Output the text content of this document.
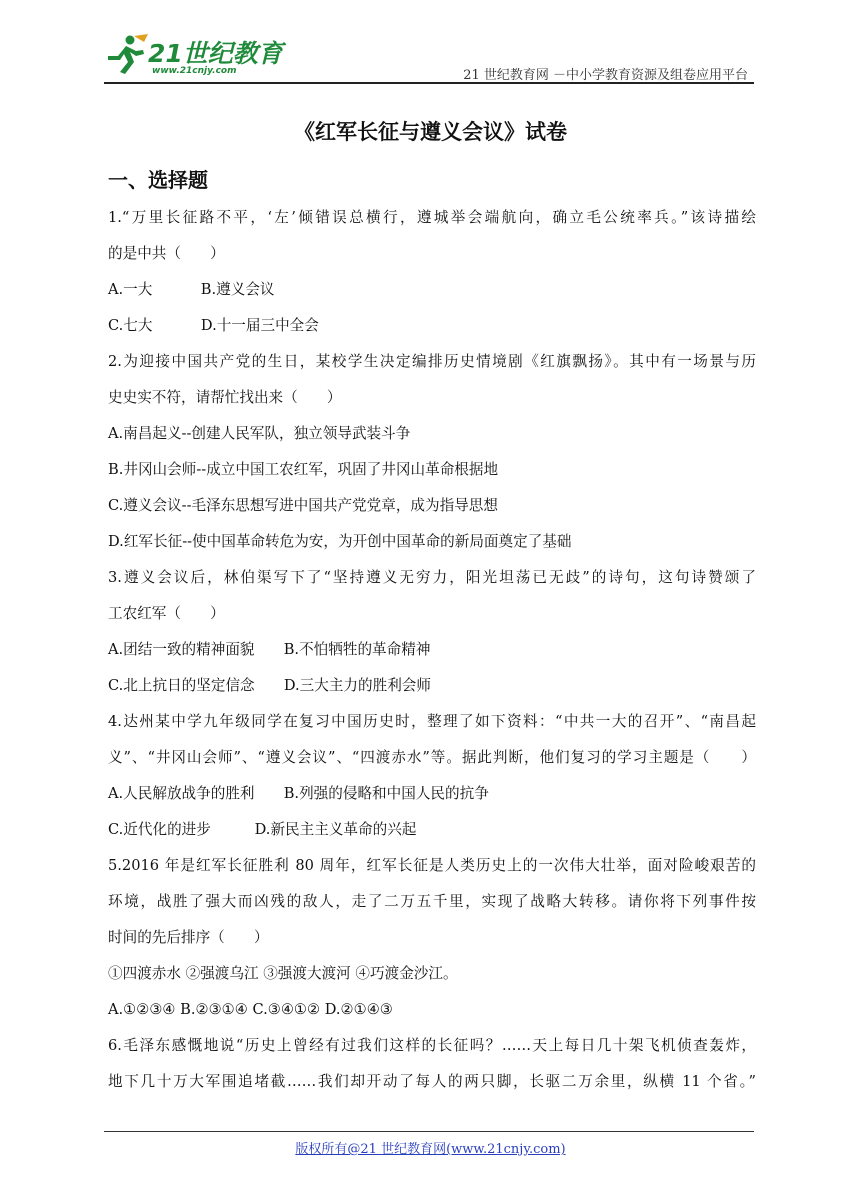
21世纪教育
www.21cnjy.com	21 世纪教育网 －中小学教育资源及组卷应用平台
《红军长征与遵义会议》试卷
一、选择题
1.“万里长征路不平，‘左’倾错误总横行，遵城举会端航向，确立毛公统率兵。”该诗描绘
的是中共（　　）
A.一大　　　 B.遵义会议
C.七大　　　 D.十一届三中全会
2.为迎接中国共产党的生日，某校学生决定编排历史情境剧《红旗飘扬》。其中有一场景与历
史史实不符，请帮忙找出来（　　）
A.南昌起义--创建人民军队，独立领导武装斗争
B.井冈山会师--成立中国工农红军，巩固了井冈山革命根据地
C.遵义会议--毛泽东思想写进中国共产党党章，成为指导思想
D.红军长征--使中国革命转危为安，为开创中国革命的新局面奠定了基础
3.遵义会议后，林伯渠写下了“坚持遵义无穷力，阳光坦荡已无歧”的诗句，这句诗赞颂了
工农红军（　　）
A.团结一致的精神面貌　　B.不怕牺牲的革命精神
C.北上抗日的坚定信念　　D.三大主力的胜利会师
4.达州某中学九年级同学在复习中国历史时，整理了如下资料：“中共一大的召开”、“南昌起
义”、“井冈山会师”、“遵义会议”、“四渡赤水”等。据此判断，他们复习的学习主题是（　　）
A.人民解放战争的胜利　　B.列强的侵略和中国人民的抗争
C.近代化的进步　　　D.新民主主义革命的兴起
5.2016 年是红军长征胜利 80 周年，红军长征是人类历史上的一次伟大壮举，面对险峻艰苦的
环境，战胜了强大而凶残的敌人，走了二万五千里，实现了战略大转移。请你将下列事件按
时间的先后排序（　　）
①四渡赤水 ②强渡乌江 ③强渡大渡河 ④巧渡金沙江。
A.①②③④ B.②③①④ C.③④①② D.②①④③
6.毛泽东感慨地说“历史上曾经有过我们这样的长征吗？……天上每日几十架飞机侦查轰炸，
地下几十万大军围追堵截……我们却开动了每人的两只脚，长驱二万余里，纵横 11 个省。”
版权所有@21 世纪教育网(www.21cnjy.com)
